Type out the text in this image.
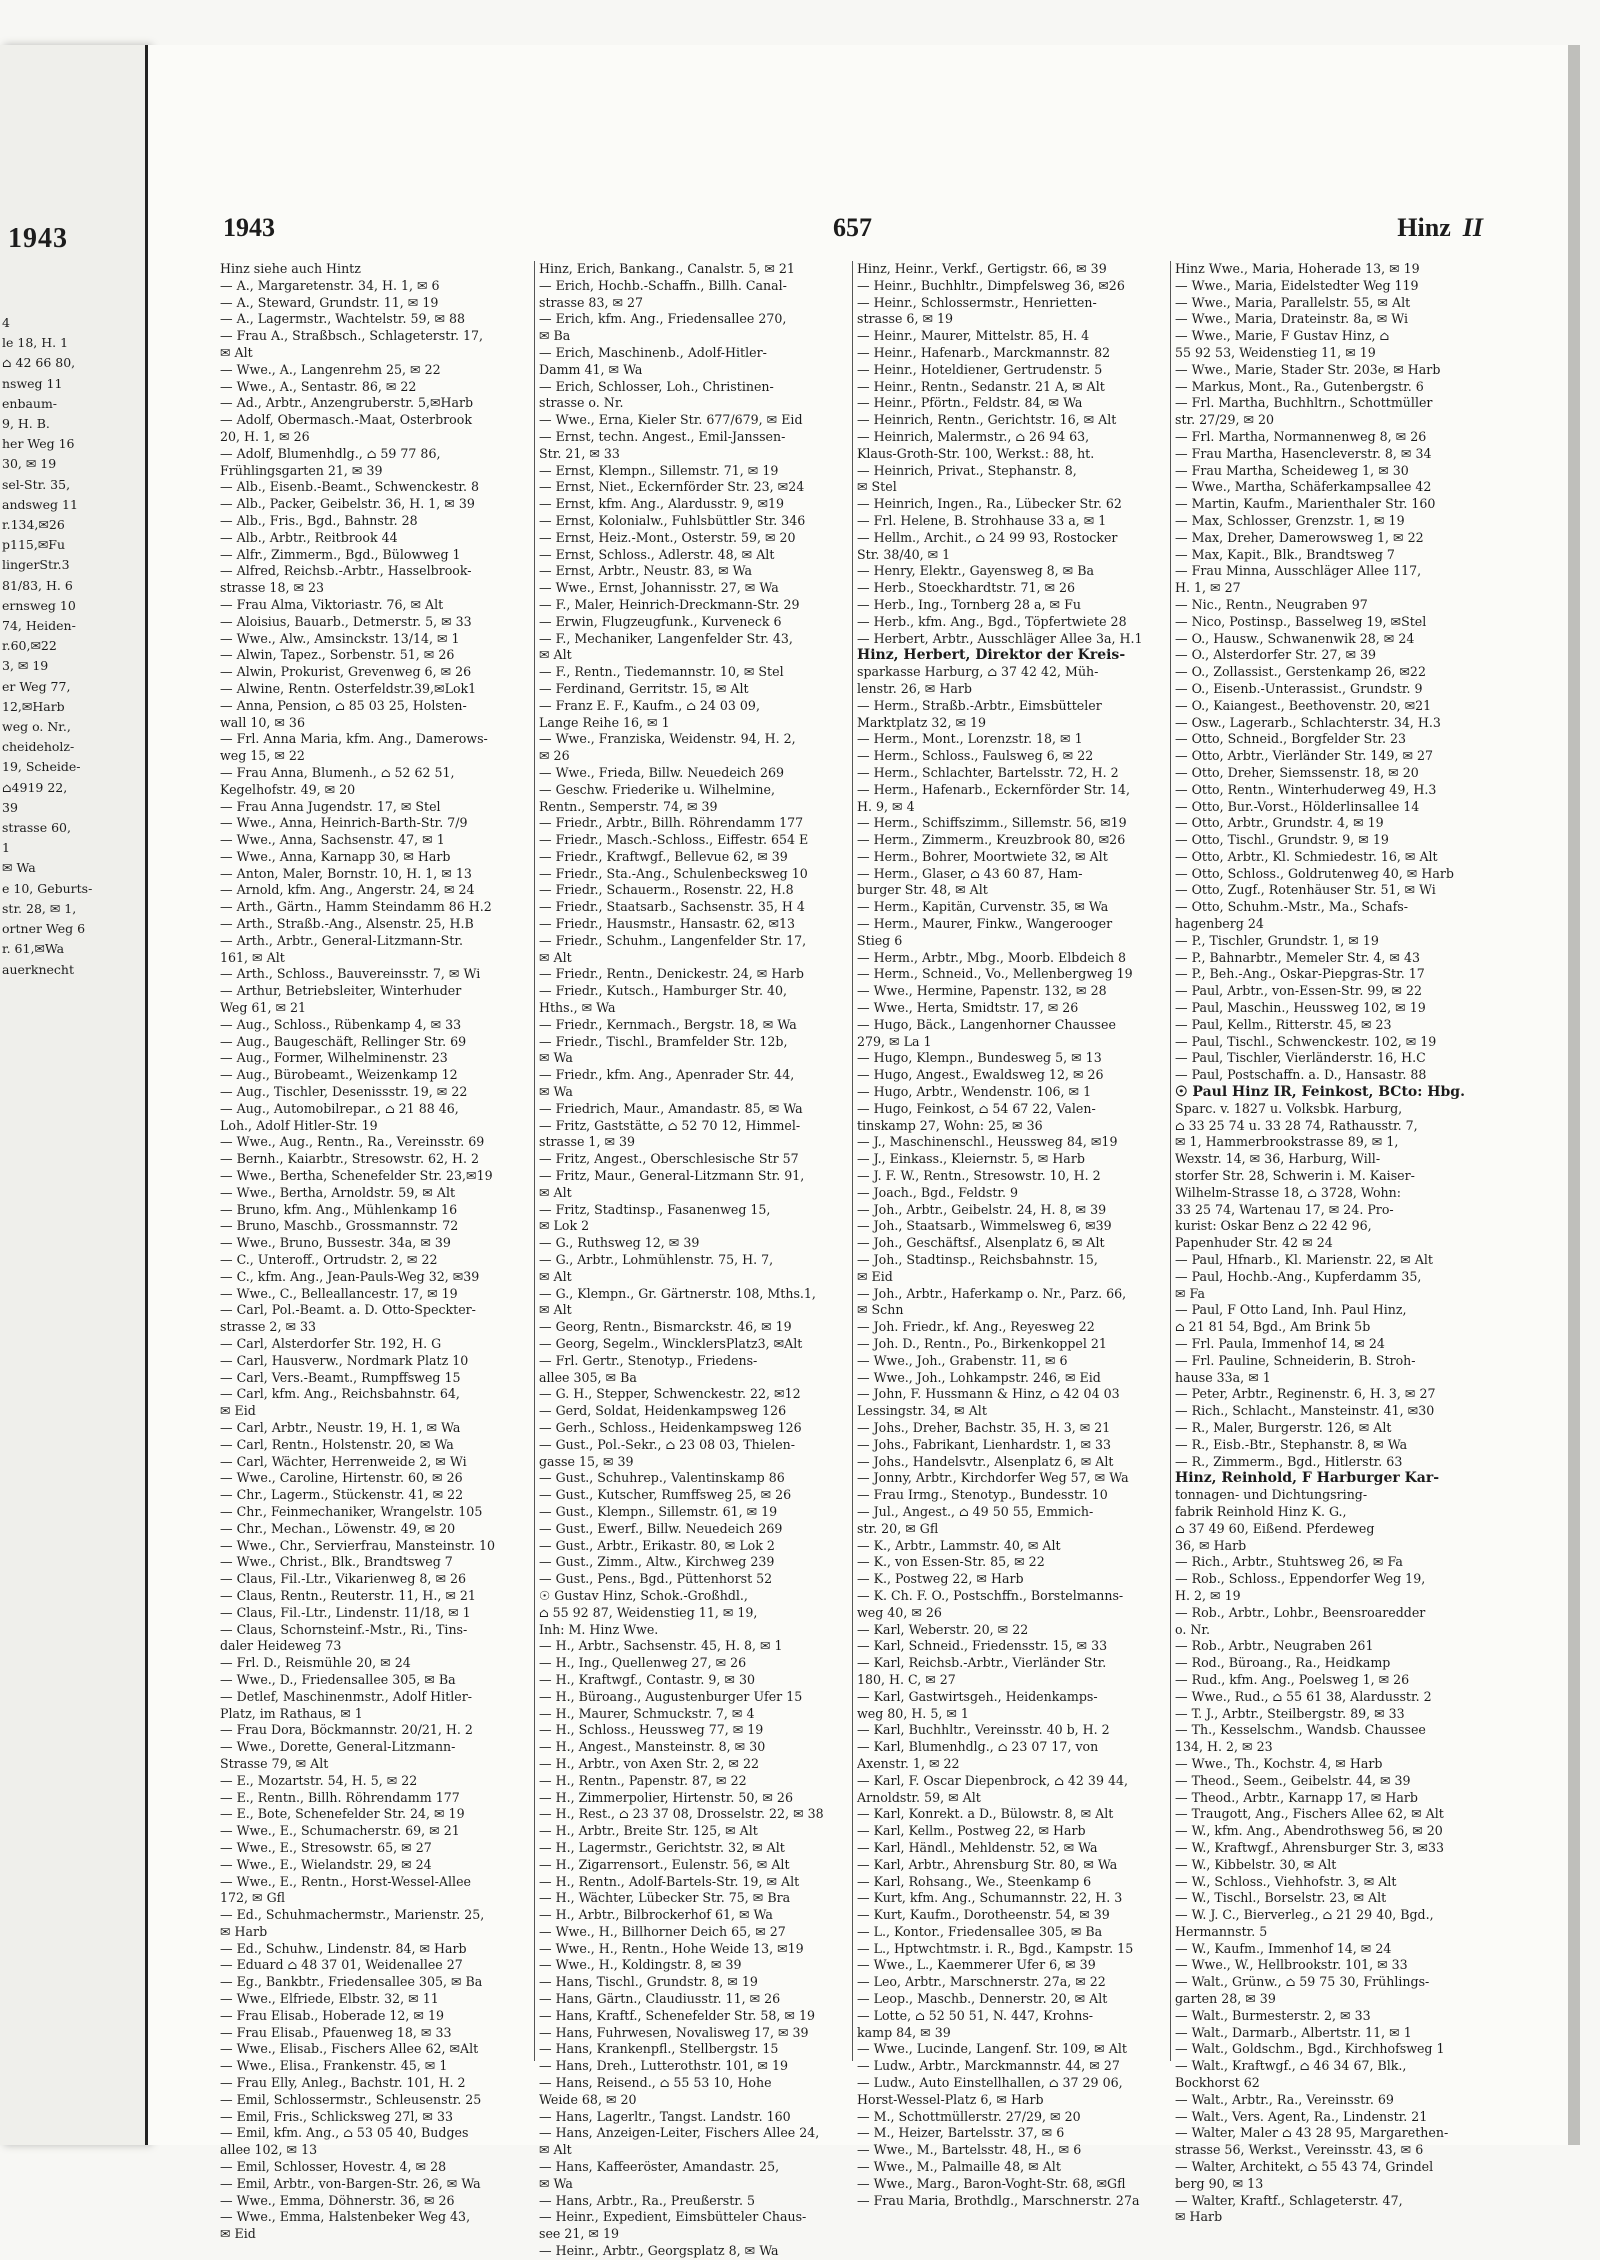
1943
4
le 18, H. 1
⌂ 42 66 80,
nsweg 11
enbaum-
9, H. B.
her Weg 16
30, ✉ 19
sel-Str. 35,
andsweg 11
r.134,✉26
p115,✉Fu
lingerStr.3
81/83, H. 6
ernsweg 10
74, Heiden-
r.60,✉22
3, ✉ 19
er Weg 77,
12,✉Harb
weg o. Nr.,
cheideholz-
19, Scheide-
⌂4919 22,
39
strasse 60,
1
✉ Wa
e 10, Geburts-
str. 28, ✉ 1,
ortner Weg 6
r. 61,✉Wa
auerknecht
1943	657	Hinz II
Hinz siehe auch Hintz
— A., Margaretenstr. 34, H. 1, ✉ 6
— A., Steward, Grundstr. 11, ✉ 19
— A., Lagermstr., Wachtelstr. 59, ✉ 88
— Frau A., Straßbsch., Schlageterstr. 17,
✉ Alt
— Wwe., A., Langenrehm 25, ✉ 22
— Wwe., A., Sentastr. 86, ✉ 22
— Ad., Arbtr., Anzengruberstr. 5,✉Harb
— Adolf, Obermasch.-Maat, Osterbrook
20, H. 1, ✉ 26
— Adolf, Blumenhdlg., ⌂ 59 77 86,
Frühlingsgarten 21, ✉ 39
— Alb., Eisenb.-Beamt., Schwenckestr. 8
— Alb., Packer, Geibelstr. 36, H. 1, ✉ 39
— Alb., Fris., Bgd., Bahnstr. 28
— Alb., Arbtr., Reitbrook 44
— Alfr., Zimmerm., Bgd., Bülowweg 1
— Alfred, Reichsb.-Arbtr., Hasselbrook-
strasse 18, ✉ 23
— Frau Alma, Viktoriastr. 76, ✉ Alt
— Aloisius, Bauarb., Detmerstr. 5, ✉ 33
— Wwe., Alw., Amsinckstr. 13/14, ✉ 1
— Alwin, Tapez., Sorbenstr. 51, ✉ 26
— Alwin, Prokurist, Grevenweg 6, ✉ 26
— Alwine, Rentn. Osterfeldstr.39,✉Lok1
— Anna, Pension, ⌂ 85 03 25, Holsten-
wall 10, ✉ 36
— Frl. Anna Maria, kfm. Ang., Damerows-
weg 15, ✉ 22
— Frau Anna, Blumenh., ⌂ 52 62 51,
Kegelhofstr. 49, ✉ 20
— Frau Anna Jugendstr. 17, ✉ Stel
— Wwe., Anna, Heinrich-Barth-Str. 7/9
— Wwe., Anna, Sachsenstr. 47, ✉ 1
— Wwe., Anna, Karnapp 30, ✉ Harb
— Anton, Maler, Bornstr. 10, H. 1, ✉ 13
— Arnold, kfm. Ang., Angerstr. 24, ✉ 24
— Arth., Gärtn., Hamm Steindamm 86 H.2
— Arth., Straßb.-Ang., Alsenstr. 25, H.B
— Arth., Arbtr., General-Litzmann-Str.
161, ✉ Alt
— Arth., Schloss., Bauvereinsstr. 7, ✉ Wi
— Arthur, Betriebsleiter, Winterhuder
Weg 61, ✉ 21
— Aug., Schloss., Rübenkamp 4, ✉ 33
— Aug., Baugeschäft, Rellinger Str. 69
— Aug., Former, Wilhelminenstr. 23
— Aug., Bürobeamt., Weizenkamp 12
— Aug., Tischler, Desenissstr. 19, ✉ 22
— Aug., Automobilrepar., ⌂ 21 88 46,
Loh., Adolf Hitler-Str. 19
— Wwe., Aug., Rentn., Ra., Vereinsstr. 69
— Bernh., Kaiarbtr., Stresowstr. 62, H. 2
— Wwe., Bertha, Schenefelder Str. 23,✉19
— Wwe., Bertha, Arnoldstr. 59, ✉ Alt
— Bruno, kfm. Ang., Mühlenkamp 16
— Bruno, Maschb., Grossmannstr. 72
— Wwe., Bruno, Bussestr. 34a, ✉ 39
— C., Unteroff., Ortrudstr. 2, ✉ 22
— C., kfm. Ang., Jean-Pauls-Weg 32, ✉39
— Wwe., C., Belleallancestr. 17, ✉ 19
— Carl, Pol.-Beamt. a. D. Otto-Speckter-
strasse 2, ✉ 33
— Carl, Alsterdorfer Str. 192, H. G
— Carl, Hausverw., Nordmark Platz 10
— Carl, Vers.-Beamt., Rumpffsweg 15
— Carl, kfm. Ang., Reichsbahnstr. 64,
✉ Eid
— Carl, Arbtr., Neustr. 19, H. 1, ✉ Wa
— Carl, Rentn., Holstenstr. 20, ✉ Wa
— Carl, Wächter, Herrenweide 2, ✉ Wi
— Wwe., Caroline, Hirtenstr. 60, ✉ 26
— Chr., Lagerm., Stückenstr. 41, ✉ 22
— Chr., Feinmechaniker, Wrangelstr. 105
— Chr., Mechan., Löwenstr. 49, ✉ 20
— Wwe., Chr., Servierfrau, Mansteinstr. 10
— Wwe., Christ., Blk., Brandtsweg 7
— Claus, Fil.-Ltr., Vikarienweg 8, ✉ 26
— Claus, Rentn., Reuterstr. 11, H., ✉ 21
— Claus, Fil.-Ltr., Lindenstr. 11/18, ✉ 1
— Claus, Schornsteinf.-Mstr., Ri., Tins-
daler Heideweg 73
— Frl. D., Reismühle 20, ✉ 24
— Wwe., D., Friedensallee 305, ✉ Ba
— Detlef, Maschinenmstr., Adolf Hitler-
Platz, im Rathaus, ✉ 1
— Frau Dora, Böckmannstr. 20/21, H. 2
— Wwe., Dorette, General-Litzmann-
Strasse 79, ✉ Alt
— E., Mozartstr. 54, H. 5, ✉ 22
— E., Rentn., Billh. Röhrendamm 177
— E., Bote, Schenefelder Str. 24, ✉ 19
— Wwe., E., Schumacherstr. 69, ✉ 21
— Wwe., E., Stresowstr. 65, ✉ 27
— Wwe., E., Wielandstr. 29, ✉ 24
— Wwe., E., Rentn., Horst-Wessel-Allee
172, ✉ Gfl
— Ed., Schuhmachermstr., Marienstr. 25,
✉ Harb
— Ed., Schuhw., Lindenstr. 84, ✉ Harb
— Eduard ⌂ 48 37 01, Weidenallee 27
— Eg., Bankbtr., Friedensallee 305, ✉ Ba
— Wwe., Elfriede, Elbstr. 32, ✉ 11
— Frau Elisab., Hoberade 12, ✉ 19
— Frau Elisab., Pfauenweg 18, ✉ 33
— Wwe., Elisab., Fischers Allee 62, ✉Alt
— Wwe., Elisa., Frankenstr. 45, ✉ 1
— Frau Elly, Anleg., Bachstr. 101, H. 2
— Emil, Schlossermstr., Schleusenstr. 25
— Emil, Fris., Schlicksweg 27l, ✉ 33
— Emil, kfm. Ang., ⌂ 53 05 40, Budges
allee 102, ✉ 13
— Emil, Schlosser, Hovestr. 4, ✉ 28
— Emil, Arbtr., von-Bargen-Str. 26, ✉ Wa
— Wwe., Emma, Döhnerstr. 36, ✉ 26
— Wwe., Emma, Halstenbeker Weg 43,
✉ Eid
Hinz, Erich, Bankang., Canalstr. 5, ✉ 21
— Erich, Hochb.-Schaffn., Billh. Canal-
strasse 83, ✉ 27
— Erich, kfm. Ang., Friedensallee 270,
✉ Ba
— Erich, Maschinenb., Adolf-Hitler-
Damm 41, ✉ Wa
— Erich, Schlosser, Loh., Christinen-
strasse o. Nr.
— Wwe., Erna, Kieler Str. 677/679, ✉ Eid
— Ernst, techn. Angest., Emil-Janssen-
Str. 21, ✉ 33
— Ernst, Klempn., Sillemstr. 71, ✉ 19
— Ernst, Niet., Eckernförder Str. 23, ✉24
— Ernst, kfm. Ang., Alardusstr. 9, ✉19
— Ernst, Kolonialw., Fuhlsbüttler Str. 346
— Ernst, Heiz.-Mont., Osterstr. 59, ✉ 20
— Ernst, Schloss., Adlerstr. 48, ✉ Alt
— Ernst, Arbtr., Neustr. 83, ✉ Wa
— Wwe., Ernst, Johannisstr. 27, ✉ Wa
— F., Maler, Heinrich-Dreckmann-Str. 29
— Erwin, Flugzeugfunk., Kurveneck 6
— F., Mechaniker, Langenfelder Str. 43,
✉ Alt
— F., Rentn., Tiedemannstr. 10, ✉ Stel
— Ferdinand, Gerritstr. 15, ✉ Alt
— Franz E. F., Kaufm., ⌂ 24 03 09,
Lange Reihe 16, ✉ 1
— Wwe., Franziska, Weidenstr. 94, H. 2,
✉ 26
— Wwe., Frieda, Billw. Neuedeich 269
— Geschw. Friederike u. Wilhelmine,
Rentn., Semperstr. 74, ✉ 39
— Friedr., Arbtr., Billh. Röhrendamm 177
— Friedr., Masch.-Schloss., Eiffestr. 654 E
— Friedr., Kraftwgf., Bellevue 62, ✉ 39
— Friedr., Sta.-Ang., Schulenbecksweg 10
— Friedr., Schauerm., Rosenstr. 22, H.8
— Friedr., Staatsarb., Sachsenstr. 35, H 4
— Friedr., Hausmstr., Hansastr. 62, ✉13
— Friedr., Schuhm., Langenfelder Str. 17,
✉ Alt
— Friedr., Rentn., Denickestr. 24, ✉ Harb
— Friedr., Kutsch., Hamburger Str. 40,
Hths., ✉ Wa
— Friedr., Kernmach., Bergstr. 18, ✉ Wa
— Friedr., Tischl., Bramfelder Str. 12b,
✉ Wa
— Friedr., kfm. Ang., Apenrader Str. 44,
✉ Wa
— Friedrich, Maur., Amandastr. 85, ✉ Wa
— Fritz, Gaststätte, ⌂ 52 70 12, Himmel-
strasse 1, ✉ 39
— Fritz, Angest., Oberschlesische Str 57
— Fritz, Maur., General-Litzmann Str. 91,
✉ Alt
— Fritz, Stadtinsp., Fasanenweg 15,
✉ Lok 2
— G., Ruthsweg 12, ✉ 39
— G., Arbtr., Lohmühlenstr. 75, H. 7,
✉ Alt
— G., Klempn., Gr. Gärtnerstr. 108, Mths.1,
✉ Alt
— Georg, Rentn., Bismarckstr. 46, ✉ 19
— Georg, Segelm., WincklersPlatz3, ✉Alt
— Frl. Gertr., Stenotyp., Friedens-
allee 305, ✉ Ba
— G. H., Stepper, Schwenckestr. 22, ✉12
— Gerd, Soldat, Heidenkampsweg 126
— Gerh., Schloss., Heidenkampsweg 126
— Gust., Pol.-Sekr., ⌂ 23 08 03, Thielen-
gasse 15, ✉ 39
— Gust., Schuhrep., Valentinskamp 86
— Gust., Kutscher, Rumffsweg 25, ✉ 26
— Gust., Klempn., Sillemstr. 61, ✉ 19
— Gust., Ewerf., Billw. Neuedeich 269
— Gust., Arbtr., Erikastr. 80, ✉ Lok 2
— Gust., Zimm., Altw., Kirchweg 239
— Gust., Pens., Bgd., Püttenhorst 52
☉ Gustav Hinz, Schok.-Großhdl.,
⌂ 55 92 87, Weidenstieg 11, ✉ 19,
Inh: M. Hinz Wwe.
— H., Arbtr., Sachsenstr. 45, H. 8, ✉ 1
— H., Ing., Quellenweg 27, ✉ 26
— H., Kraftwgf., Contastr. 9, ✉ 30
— H., Büroang., Augustenburger Ufer 15
— H., Maurer, Schmuckstr. 7, ✉ 4
— H., Schloss., Heussweg 77, ✉ 19
— H., Angest., Mansteinstr. 8, ✉ 30
— H., Arbtr., von Axen Str. 2, ✉ 22
— H., Rentn., Papenstr. 87, ✉ 22
— H., Zimmerpolier, Hirtenstr. 50, ✉ 26
— H., Rest., ⌂ 23 37 08, Drosselstr. 22, ✉ 38
— H., Arbtr., Breite Str. 125, ✉ Alt
— H., Lagermstr., Gerichtstr. 32, ✉ Alt
— H., Zigarrensort., Eulenstr. 56, ✉ Alt
— H., Rentn., Adolf-Bartels-Str. 19, ✉ Alt
— H., Wächter, Lübecker Str. 75, ✉ Bra
— H., Arbtr., Bilbrockerhof 61, ✉ Wa
— Wwe., H., Billhorner Deich 65, ✉ 27
— Wwe., H., Rentn., Hohe Weide 13, ✉19
— Wwe., H., Koldingstr. 8, ✉ 39
— Hans, Tischl., Grundstr. 8, ✉ 19
— Hans, Gärtn., Claudiusstr. 11, ✉ 26
— Hans, Kraftf., Schenefelder Str. 58, ✉ 19
— Hans, Fuhrwesen, Novalisweg 17, ✉ 39
— Hans, Krankenpfl., Stellbergstr. 15
— Hans, Dreh., Lutterothstr. 101, ✉ 19
— Hans, Reisend., ⌂ 55 53 10, Hohe
Weide 68, ✉ 20
— Hans, Lagerltr., Tangst. Landstr. 160
— Hans, Anzeigen-Leiter, Fischers Allee 24,
✉ Alt
— Hans, Kaffeeröster, Amandastr. 25,
✉ Wa
— Hans, Arbtr., Ra., Preußerstr. 5
— Heinr., Expedient, Eimsbütteler Chaus-
see 21, ✉ 19
— Heinr., Arbtr., Georgsplatz 8, ✉ Wa
Hinz, Heinr., Verkf., Gertigstr. 66, ✉ 39
— Heinr., Buchhltr., Dimpfelsweg 36, ✉26
— Heinr., Schlossermstr., Henrietten-
strasse 6, ✉ 19
— Heinr., Maurer, Mittelstr. 85, H. 4
— Heinr., Hafenarb., Marckmannstr. 82
— Heinr., Hoteldiener, Gertrudenstr. 5
— Heinr., Rentn., Sedanstr. 21 A, ✉ Alt
— Heinr., Pförtn., Feldstr. 84, ✉ Wa
— Heinrich, Rentn., Gerichtstr. 16, ✉ Alt
— Heinrich, Malermstr., ⌂ 26 94 63,
Klaus-Groth-Str. 100, Werkst.: 88, ht.
— Heinrich, Privat., Stephanstr. 8,
✉ Stel
— Heinrich, Ingen., Ra., Lübecker Str. 62
— Frl. Helene, B. Strohhause 33 a, ✉ 1
— Hellm., Archit., ⌂ 24 99 93, Rostocker
Str. 38/40, ✉ 1
— Henry, Elektr., Gayensweg 8, ✉ Ba
— Herb., Stoeckhardtstr. 71, ✉ 26
— Herb., Ing., Tornberg 28 a, ✉ Fu
— Herb., kfm. Ang., Bgd., Töpfertwiete 28
— Herbert, Arbtr., Ausschläger Allee 3a, H.1
Hinz, Herbert, Direktor der Kreis-
sparkasse Harburg, ⌂ 37 42 42, Müh-
lenstr. 26, ✉ Harb
— Herm., Straßb.-Arbtr., Eimsbütteler
Marktplatz 32, ✉ 19
— Herm., Mont., Lorenzstr. 18, ✉ 1
— Herm., Schloss., Faulsweg 6, ✉ 22
— Herm., Schlachter, Bartelsstr. 72, H. 2
— Herm., Hafenarb., Eckernförder Str. 14,
H. 9, ✉ 4
— Herm., Schiffszimm., Sillemstr. 56, ✉19
— Herm., Zimmerm., Kreuzbrook 80, ✉26
— Herm., Bohrer, Moortwiete 32, ✉ Alt
— Herm., Glaser, ⌂ 43 60 87, Ham-
burger Str. 48, ✉ Alt
— Herm., Kapitän, Curvenstr. 35, ✉ Wa
— Herm., Maurer, Finkw., Wangerooger
Stieg 6
— Herm., Arbtr., Mbg., Moorb. Elbdeich 8
— Herm., Schneid., Vo., Mellenbergweg 19
— Wwe., Hermine, Papenstr. 132, ✉ 28
— Wwe., Herta, Smidtstr. 17, ✉ 26
— Hugo, Bäck., Langenhorner Chaussee
279, ✉ La 1
— Hugo, Klempn., Bundesweg 5, ✉ 13
— Hugo, Angest., Ewaldsweg 12, ✉ 26
— Hugo, Arbtr., Wendenstr. 106, ✉ 1
— Hugo, Feinkost, ⌂ 54 67 22, Valen-
tinskamp 27, Wohn: 25, ✉ 36
— J., Maschinenschl., Heussweg 84, ✉19
— J., Einkass., Kleiernstr. 5, ✉ Harb
— J. F. W., Rentn., Stresowstr. 10, H. 2
— Joach., Bgd., Feldstr. 9
— Joh., Arbtr., Geibelstr. 24, H. 8, ✉ 39
— Joh., Staatsarb., Wimmelsweg 6, ✉39
— Joh., Geschäftsf., Alsenplatz 6, ✉ Alt
— Joh., Stadtinsp., Reichsbahnstr. 15,
✉ Eid
— Joh., Arbtr., Haferkamp o. Nr., Parz. 66,
✉ Schn
— Joh. Friedr., kf. Ang., Reyesweg 22
— Joh. D., Rentn., Po., Birkenkoppel 21
— Wwe., Joh., Grabenstr. 11, ✉ 6
— Wwe., Joh., Lohkampstr. 246, ✉ Eid
— John, F. Hussmann & Hinz, ⌂ 42 04 03
Lessingstr. 34, ✉ Alt
— Johs., Dreher, Bachstr. 35, H. 3, ✉ 21
— Johs., Fabrikant, Lienhardstr. 1, ✉ 33
— Johs., Handelsvtr., Alsenplatz 6, ✉ Alt
— Jonny, Arbtr., Kirchdorfer Weg 57, ✉ Wa
— Frau Irmg., Stenotyp., Bundesstr. 10
— Jul., Angest., ⌂ 49 50 55, Emmich-
str. 20, ✉ Gfl
— K., Arbtr., Lammstr. 40, ✉ Alt
— K., von Essen-Str. 85, ✉ 22
— K., Postweg 22, ✉ Harb
— K. Ch. F. O., Postschffn., Borstelmanns-
weg 40, ✉ 26
— Karl, Weberstr. 20, ✉ 22
— Karl, Schneid., Friedensstr. 15, ✉ 33
— Karl, Reichsb.-Arbtr., Vierländer Str.
180, H. C, ✉ 27
— Karl, Gastwirtsgeh., Heidenkamps-
weg 80, H. 5, ✉ 1
— Karl, Buchhltr., Vereinsstr. 40 b, H. 2
— Karl, Blumenhdlg., ⌂ 23 07 17, von
Axenstr. 1, ✉ 22
— Karl, F. Oscar Diepenbrock, ⌂ 42 39 44,
Arnoldstr. 59, ✉ Alt
— Karl, Konrekt. a D., Bülowstr. 8, ✉ Alt
— Karl, Kellm., Postweg 22, ✉ Harb
— Karl, Händl., Mehldenstr. 52, ✉ Wa
— Karl, Arbtr., Ahrensburg Str. 80, ✉ Wa
— Karl, Rohsang., We., Steenkamp 6
— Kurt, kfm. Ang., Schumannstr. 22, H. 3
— Kurt, Kaufm., Dorotheenstr. 54, ✉ 39
— L., Kontor., Friedensallee 305, ✉ Ba
— L., Hptwchtmstr. i. R., Bgd., Kampstr. 15
— Wwe., L., Kaemmerer Ufer 6, ✉ 39
— Leo, Arbtr., Marschnerstr. 27a, ✉ 22
— Leop., Maschb., Dennerstr. 20, ✉ Alt
— Lotte, ⌂ 52 50 51, N. 447, Krohns-
kamp 84, ✉ 39
— Wwe., Lucinde, Langenf. Str. 109, ✉ Alt
— Ludw., Arbtr., Marckmannstr. 44, ✉ 27
— Ludw., Auto Einstellhallen, ⌂ 37 29 06,
Horst-Wessel-Platz 6, ✉ Harb
— M., Schottmüllerstr. 27/29, ✉ 20
— M., Heizer, Bartelsstr. 37, ✉ 6
— Wwe., M., Bartelsstr. 48, H., ✉ 6
— Wwe., M., Palmaille 48, ✉ Alt
— Wwe., Marg., Baron-Voght-Str. 68, ✉Gfl
— Frau Maria, Brothdlg., Marschnerstr. 27a
Hinz Wwe., Maria, Hoherade 13, ✉ 19
— Wwe., Maria, Eidelstedter Weg 119
— Wwe., Maria, Parallelstr. 55, ✉ Alt
— Wwe., Maria, Drateinstr. 8a, ✉ Wi
— Wwe., Marie, F Gustav Hinz, ⌂
55 92 53, Weidenstieg 11, ✉ 19
— Wwe., Marie, Stader Str. 203e, ✉ Harb
— Markus, Mont., Ra., Gutenbergstr. 6
— Frl. Martha, Buchhltrn., Schottmüller
str. 27/29, ✉ 20
— Frl. Martha, Normannenweg 8, ✉ 26
— Frau Martha, Hasencleverstr. 8, ✉ 34
— Frau Martha, Scheideweg 1, ✉ 30
— Wwe., Martha, Schäferkampsallee 42
— Martin, Kaufm., Marienthaler Str. 160
— Max, Schlosser, Grenzstr. 1, ✉ 19
— Max, Dreher, Damerowsweg 1, ✉ 22
— Max, Kapit., Blk., Brandtsweg 7
— Frau Minna, Ausschläger Allee 117,
H. 1, ✉ 27
— Nic., Rentn., Neugraben 97
— Nico, Postinsp., Basselweg 19, ✉Stel
— O., Hausw., Schwanenwik 28, ✉ 24
— O., Alsterdorfer Str. 27, ✉ 39
— O., Zollassist., Gerstenkamp 26, ✉22
— O., Eisenb.-Unterassist., Grundstr. 9
— O., Kaiangest., Beethovenstr. 20, ✉21
— Osw., Lagerarb., Schlachterstr. 34, H.3
— Otto, Schneid., Borgfelder Str. 23
— Otto, Arbtr., Vierländer Str. 149, ✉ 27
— Otto, Dreher, Siemssenstr. 18, ✉ 20
— Otto, Rentn., Winterhuderweg 49, H.3
— Otto, Bur.-Vorst., Hölderlinsallee 14
— Otto, Arbtr., Grundstr. 4, ✉ 19
— Otto, Tischl., Grundstr. 9, ✉ 19
— Otto, Arbtr., Kl. Schmiedestr. 16, ✉ Alt
— Otto, Schloss., Goldrutenweg 40, ✉ Harb
— Otto, Zugf., Rotenhäuser Str. 51, ✉ Wi
— Otto, Schuhm.-Mstr., Ma., Schafs-
hagenberg 24
— P., Tischler, Grundstr. 1, ✉ 19
— P., Bahnarbtr., Memeler Str. 4, ✉ 43
— P., Beh.-Ang., Oskar-Piepgras-Str. 17
— Paul, Arbtr., von-Essen-Str. 99, ✉ 22
— Paul, Maschin., Heussweg 102, ✉ 19
— Paul, Kellm., Ritterstr. 45, ✉ 23
— Paul, Tischl., Schwenckestr. 102, ✉ 19
— Paul, Tischler, Vierländerstr. 16, H.C
— Paul, Postschaffn. a. D., Hansastr. 88
☉ Paul Hinz IR, Feinkost, BCto: Hbg.
Sparc. v. 1827 u. Volksbk. Harburg,
⌂ 33 25 74 u. 33 28 74, Rathausstr. 7,
✉ 1, Hammerbrookstrasse 89, ✉ 1,
Wexstr. 14, ✉ 36, Harburg, Will-
storfer Str. 28, Schwerin i. M. Kaiser-
Wilhelm-Strasse 18, ⌂ 3728, Wohn:
33 25 74, Wartenau 17, ✉ 24. Pro-
kurist: Oskar Benz ⌂ 22 42 96,
Papenhuder Str. 42 ✉ 24
— Paul, Hfnarb., Kl. Marienstr. 22, ✉ Alt
— Paul, Hochb.-Ang., Kupferdamm 35,
✉ Fa
— Paul, F Otto Land, Inh. Paul Hinz,
⌂ 21 81 54, Bgd., Am Brink 5b
— Frl. Paula, Immenhof 14, ✉ 24
— Frl. Pauline, Schneiderin, B. Stroh-
hause 33a, ✉ 1
— Peter, Arbtr., Reginenstr. 6, H. 3, ✉ 27
— Rich., Schlacht., Mansteinstr. 41, ✉30
— R., Maler, Burgerstr. 126, ✉ Alt
— R., Eisb.-Btr., Stephanstr. 8, ✉ Wa
— R., Zimmerm., Bgd., Hitlerstr. 63
Hinz, Reinhold, F Harburger Kar-
tonnagen- und Dichtungsring-
fabrik Reinhold Hinz K. G.,
⌂ 37 49 60, Eißend. Pferdeweg
36, ✉ Harb
— Rich., Arbtr., Stuhtsweg 26, ✉ Fa
— Rob., Schloss., Eppendorfer Weg 19,
H. 2, ✉ 19
— Rob., Arbtr., Lohbr., Beensroaredder
o. Nr.
— Rob., Arbtr., Neugraben 261
— Rod., Büroang., Ra., Heidkamp
— Rud., kfm. Ang., Poelsweg 1, ✉ 26
— Wwe., Rud., ⌂ 55 61 38, Alardusstr. 2
— T. J., Arbtr., Steilbergstr. 89, ✉ 33
— Th., Kesselschm., Wandsb. Chaussee
134, H. 2, ✉ 23
— Wwe., Th., Kochstr. 4, ✉ Harb
— Theod., Seem., Geibelstr. 44, ✉ 39
— Theod., Arbtr., Karnapp 17, ✉ Harb
— Traugott, Ang., Fischers Allee 62, ✉ Alt
— W., kfm. Ang., Abendrothsweg 56, ✉ 20
— W., Kraftwgf., Ahrensburger Str. 3, ✉33
— W., Kibbelstr. 30, ✉ Alt
— W., Schloss., Viehhofstr. 3, ✉ Alt
— W., Tischl., Borselstr. 23, ✉ Alt
— W. J. C., Bierverleg., ⌂ 21 29 40, Bgd.,
Hermannstr. 5
— W., Kaufm., Immenhof 14, ✉ 24
— Wwe., W., Hellbrookstr. 101, ✉ 33
— Walt., Grünw., ⌂ 59 75 30, Frühlings-
garten 28, ✉ 39
— Walt., Burmesterstr. 2, ✉ 33
— Walt., Darmarb., Albertstr. 11, ✉ 1
— Walt., Goldschm., Bgd., Kirchhofsweg 1
— Walt., Kraftwgf., ⌂ 46 34 67, Blk.,
Bockhorst 62
— Walt., Arbtr., Ra., Vereinsstr. 69
— Walt., Vers. Agent, Ra., Lindenstr. 21
— Walter, Maler ⌂ 43 28 95, Margarethen-
strasse 56, Werkst., Vereinsstr. 43, ✉ 6
— Walter, Architekt, ⌂ 55 43 74, Grindel
berg 90, ✉ 13
— Walter, Kraftf., Schlageterstr. 47,
✉ Harb
